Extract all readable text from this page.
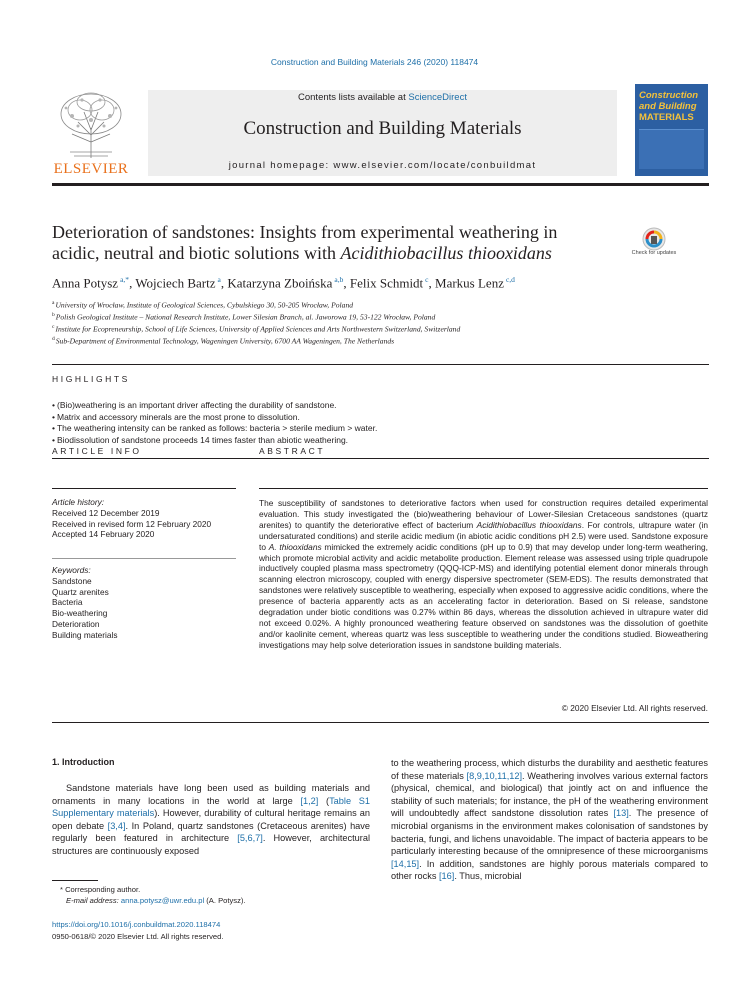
Construction and Building Materials 246 (2020) 118474
ELSEVIER
Contents lists available at ScienceDirect
Construction and Building Materials
journal homepage: www.elsevier.com/locate/conbuildmat
Construction
and Building
MATERIALS
Deterioration of sandstones: Insights from experimental weathering in
acidic, neutral and biotic solutions with Acidithiobacillus thiooxidans	Check for updates
Anna Potysz $^{a,*}$, Wojciech Bartz $^a$, Katarzyna Zboińska $^{a,b}$, Felix Schmidt $^c$, Markus Lenz $^{c,d}$
$^a$University of Wrocław, Institute of Geological Sciences, Cybulskiego 30, 50-205 Wrocław, Poland
$^b$Polish Geological Institute – National Research Institute, Lower Silesian Branch, al. Jaworowa 19, 53-122 Wrocław, Poland
$^c$Institute for Ecopreneurship, School of Life Sciences, University of Applied Sciences and Arts Northwestern Switzerland, Switzerland
$^d$Sub-Department of Environmental Technology, Wageningen University, 6700 AA Wageningen, The Netherlands
HIGHLIGHTS
• (Bio)weathering is an important driver affecting the durability of sandstone.
• Matrix and accessory minerals are the most prone to dissolution.
• The weathering intensity can be ranked as follows: bacteria > sterile medium > water.
• Biodissolution of sandstone proceeds 14 times faster than abiotic weathering.
ARTICLE INFO
Article history:
Received 12 December 2019
Received in revised form 12 February 2020
Accepted 14 February 2020
Keywords:
Sandstone
Quartz arenites
Bacteria
Bio-weathering
Deterioration
Building materials
ABSTRACT
The susceptibility of sandstones to deteriorative factors when used for construction requires detailed experimental evaluation. This study investigated the (bio)weathering behaviour of Lower-Silesian Cretaceous sandstones (quartz arenites) to quantify the deteriorative effect of bacterium Acidithiobacillus thiooxidans. For controls, ultrapure water (in undersaturated conditions) and sterile acidic medium (in abiotic acidic conditions pH 2.5) were used. Sandstone exposure to A. thiooxidans mimicked the extremely acidic conditions (pH up to 0.9) that may develop under long-term weathering, which promote microbial activity and acidic metabolite production. Element release was assessed using triple quadrupole inductively coupled plasma mass spectrometry (QQQ-ICP-MS) and identifying potential element donor minerals through scanning electron microscopy, coupled with energy dispersive spectrometer (SEM-EDS). The results demonstrated that sandstones were relatively susceptible to weathering, especially when exposed to aggressive acidic conditions, where the presence of bacteria apparently acts as an accelerating factor in deterioration. Based on Si release, sandstone degradation under biotic conditions was 0.27% within 86 days, whereas the dissolution achieved in ultrapure water did not exceed 0.02%. A highly pronounced weathering feature observed on sandstones was the dissolution of goethite and/or kaolinite cement, whereas quartz was less susceptible to weathering under the conditions studied. Bioweathering investigations may help solve deterioration issues in sandstone building materials.
© 2020 Elsevier Ltd. All rights reserved.
1. Introduction
Sandstone materials have long been used as building materials and ornaments in many locations in the world at large [1,2] (Table S1 Supplementary materials). However, durability of cultural heritage remains an open debate [3,4]. In Poland, quartz sandstones (Cretaceous arenites) have regularly been featured in architecture [5,6,7]. However, architectural structures are continuously exposed
to the weathering process, which disturbs the durability and aesthetic features of these materials [8,9,10,11,12]. Weathering involves various external factors (physical, chemical, and biological) that jointly act on and influence the stability of such materials; for instance, the pH of the weathering environment will undoubtedly affect sandstone dissolution rates [13]. The presence of microbial organisms in the environment makes colonisation of sandstones by bacteria, fungi, and lichens unavoidable. The impact of bacteria appears to be particularly interesting because of the omnipresence of these microorganisms [14,15]. In addition, sandstones are highly porous materials compared to other rocks [16]. Thus, microbial
* Corresponding author.
E-mail address: anna.potysz@uwr.edu.pl (A. Potysz).
https://doi.org/10.1016/j.conbuildmat.2020.118474
0950-0618/© 2020 Elsevier Ltd. All rights reserved.
